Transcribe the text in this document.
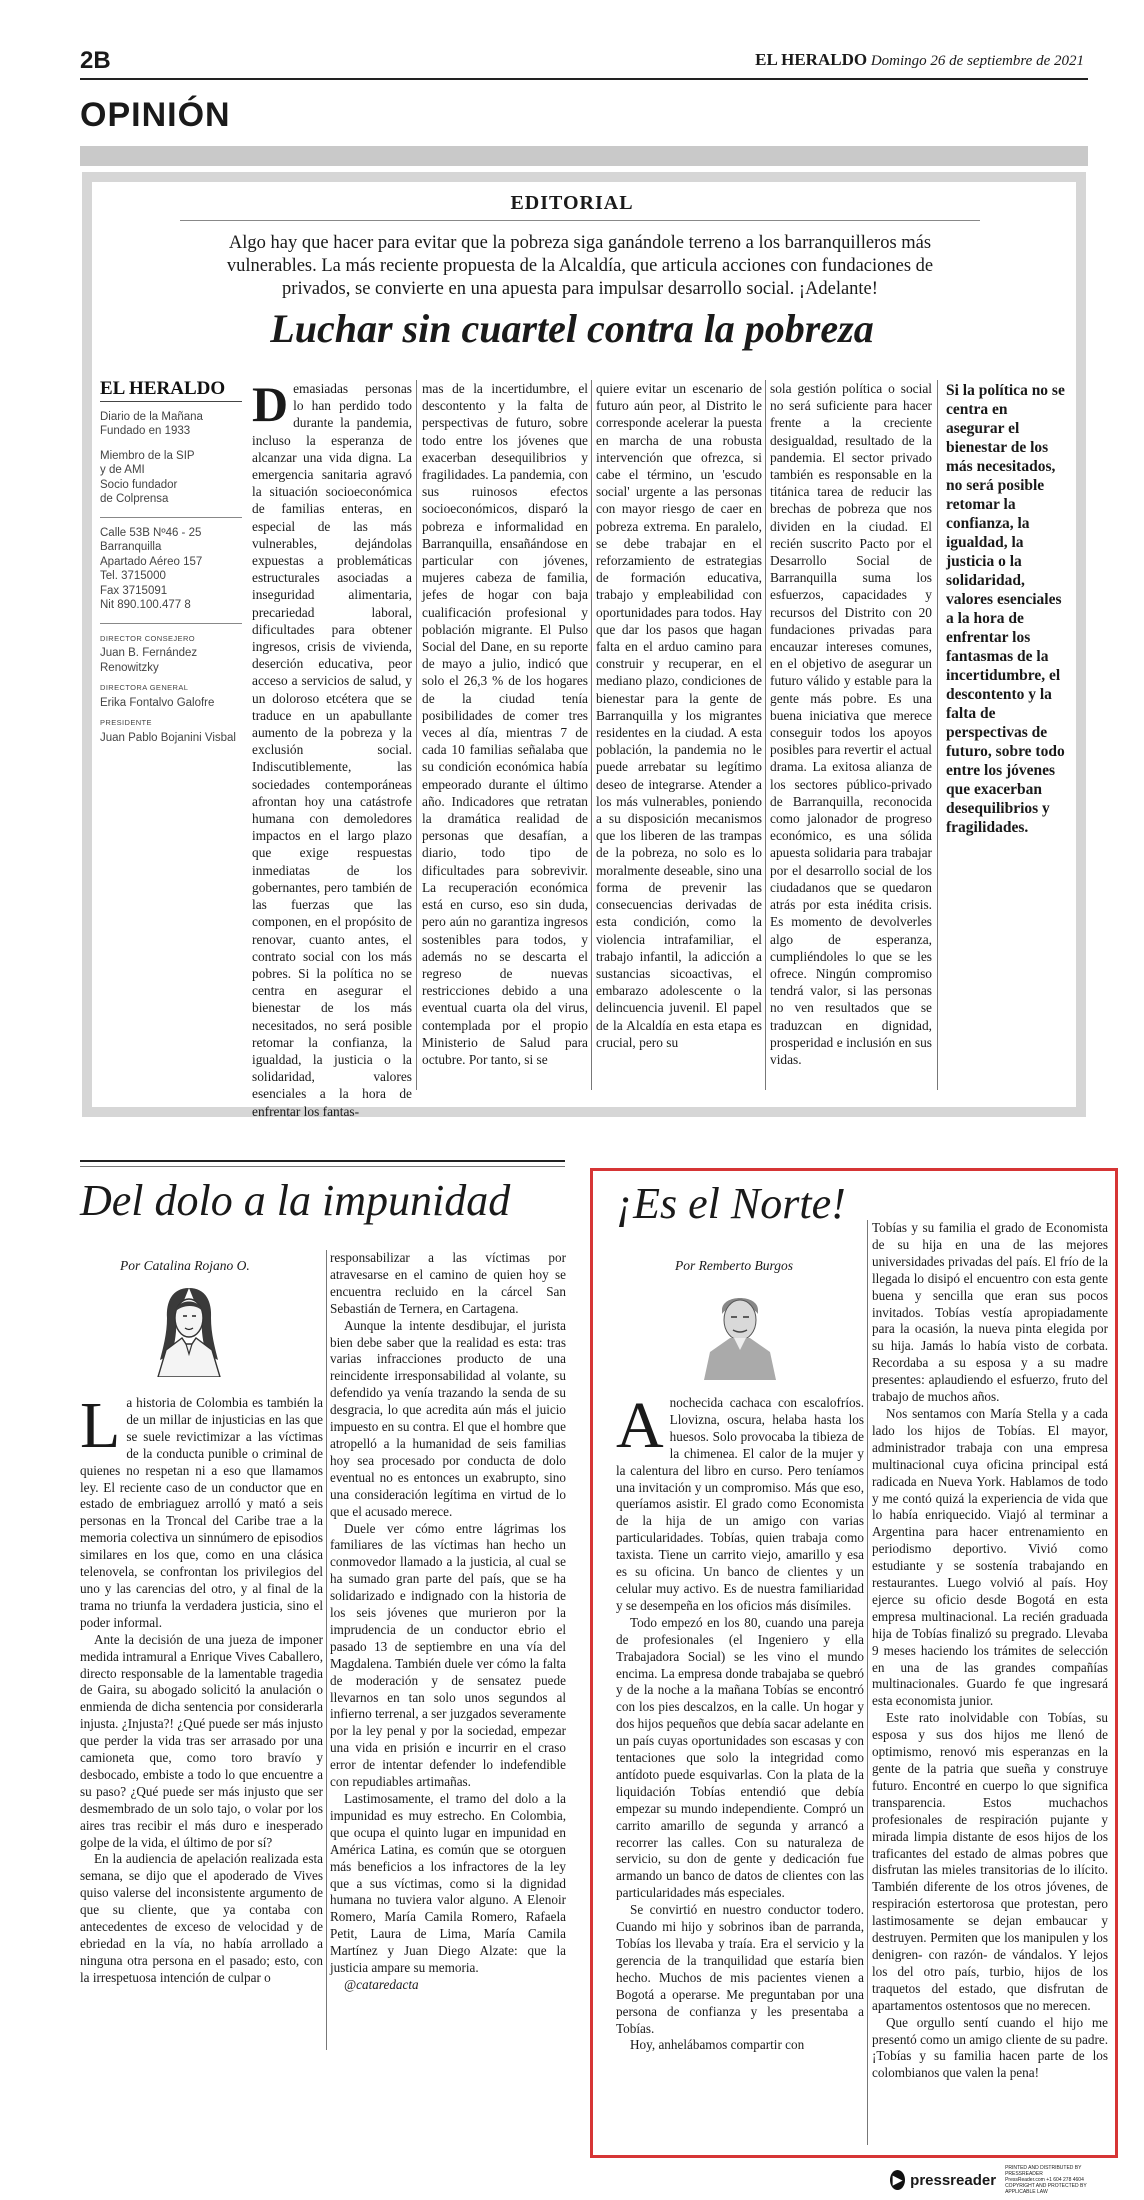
2B	EL HERALDO Domingo 26 de septiembre de 2021
OPINIÓN
EDITORIAL
Algo hay que hacer para evitar que la pobreza siga ganándole terreno a los barranquilleros más vulnerables. La más reciente propuesta de la Alcaldía, que articula acciones con fundaciones de privados, se convierte en una apuesta para impulsar desarrollo social. ¡Adelante!
Luchar sin cuartel contra la pobreza
EL HERALDO
Diario de la Mañana
Fundado en 1933
Miembro de la SIP
y de AMI
Socio fundador
de Colprensa
Calle 53B Nº46 - 25
Barranquilla
Apartado Aéreo 157
Tel. 3715000
Fax 3715091
Nit 890.100.477 8
DIRECTOR CONSEJERO
Juan B. Fernández Renowitzky
DIRECTORA GENERAL
Erika Fontalvo Galofre
PRESIDENTE
Juan Pablo Bojanini Visbal
Demasiadas personas lo han perdido todo durante la pandemia, incluso la esperanza de alcanzar una vida digna. La emergencia sanitaria agravó la situación socioeconómica de familias enteras, en especial de las más vulnerables, dejándolas expuestas a problemáticas estructurales asociadas a inseguridad alimentaria, precariedad laboral, dificultades para obtener ingresos, crisis de vivienda, deserción educativa, peor acceso a servicios de salud, y un doloroso etcétera que se traduce en un apabullante aumento de la pobreza y la exclusión social. Indiscutiblemente, las sociedades contemporáneas afrontan hoy una catástrofe humana con demoledores impactos en el largo plazo que exige respuestas inmediatas de los gobernantes, pero también de las fuerzas que las componen, en el propósito de renovar, cuanto antes, el contrato social con los más pobres. Si la política no se centra en asegurar el bienestar de los más necesitados, no será posible retomar la confianza, la igualdad, la justicia o la solidaridad, valores esenciales a la hora de enfrentar los fantas-
mas de la incertidumbre, el descontento y la falta de perspectivas de futuro, sobre todo entre los jóvenes que exacerban desequilibrios y fragilidades. La pandemia, con sus ruinosos efectos socioeconómicos, disparó la pobreza e informalidad en Barranquilla, ensañándose en particular con jóvenes, mujeres cabeza de familia, jefes de hogar con baja cualificación profesional y población migrante. El Pulso Social del Dane, en su reporte de mayo a julio, indicó que solo el 26,3 % de los hogares de la ciudad tenía posibilidades de comer tres veces al día, mientras 7 de cada 10 familias señalaba que su condición económica había empeorado durante el último año. Indicadores que retratan la dramática realidad de personas que desafían, a diario, todo tipo de dificultades para sobrevivir. La recuperación económica está en curso, eso sin duda, pero aún no garantiza ingresos sostenibles para todos, y además no se descarta el regreso de nuevas restricciones debido a una eventual cuarta ola del virus, contemplada por el propio Ministerio de Salud para octubre. Por tanto, si se
quiere evitar un escenario de futuro aún peor, al Distrito le corresponde acelerar la puesta en marcha de una robusta intervención que ofrezca, si cabe el término, un 'escudo social' urgente a las personas con mayor riesgo de caer en pobreza extrema. En paralelo, se debe trabajar en el reforzamiento de estrategias de formación educativa, trabajo y empleabilidad con oportunidades para todos. Hay que dar los pasos que hagan falta en el arduo camino para construir y recuperar, en el mediano plazo, condiciones de bienestar para la gente de Barranquilla y los migrantes residentes en la ciudad. A esta población, la pandemia no le puede arrebatar su legítimo deseo de integrarse. Atender a los más vulnerables, poniendo a su disposición mecanismos que los liberen de las trampas de la pobreza, no solo es lo moralmente deseable, sino una forma de prevenir las consecuencias derivadas de esta condición, como la violencia intrafamiliar, el trabajo infantil, la adicción a sustancias sicoactivas, el embarazo adolescente o la delincuencia juvenil. El papel de la Alcaldía en esta etapa es crucial, pero su
sola gestión política o social no será suficiente para hacer frente a la creciente desigualdad, resultado de la pandemia. El sector privado también es responsable en la titánica tarea de reducir las brechas de pobreza que nos dividen en la ciudad. El recién suscrito Pacto por el Desarrollo Social de Barranquilla suma los esfuerzos, capacidades y recursos del Distrito con 20 fundaciones privadas para encauzar intereses comunes, en el objetivo de asegurar un futuro válido y estable para la gente más pobre. Es una buena iniciativa que merece conseguir todos los apoyos posibles para revertir el actual drama. La exitosa alianza de los sectores público-privado de Barranquilla, reconocida como jalonador de progreso económico, es una sólida apuesta solidaria para trabajar por el desarrollo social de los ciudadanos que se quedaron atrás por esta inédita crisis. Es momento de devolverles algo de esperanza, cumpliéndoles lo que se les ofrece. Ningún compromiso tendrá valor, si las personas no ven resultados que se traduzcan en dignidad, prosperidad e inclusión en sus vidas.
Si la política no se centra en asegurar el bienestar de los más necesitados, no será posible retomar la confianza, la igualdad, la justicia o la solidaridad, valores esenciales a la hora de enfrentar los fantasmas de la incertidumbre, el descontento y la falta de perspectivas de futuro, sobre todo entre los jóvenes que exacerban desequilibrios y fragilidades.
Del dolo a la impunidad
Por Catalina Rojano O.

La historia de Colombia es también la de un millar de injusticias en las que se suele revictimizar a las víctimas de la conducta punible o criminal de quienes no respetan ni a eso que llamamos ley. El reciente caso de un conductor que en estado de embriaguez arrolló y mató a seis personas en la Troncal del Caribe trae a la memoria colectiva un sinnúmero de episodios similares en los que, como en una clásica telenovela, se confrontan los privilegios del uno y las carencias del otro, y al final de la trama no triunfa la verdadera justicia, sino el poder informal.

Ante la decisión de una jueza de imponer medida intramural a Enrique Vives Caballero, directo responsable de la lamentable tragedia de Gaira, su abogado solicitó la anulación o enmienda de dicha sentencia por considerarla injusta. ¿Injusta?! ¿Qué puede ser más injusto que perder la vida tras ser arrasado por una camioneta que, como toro bravío y desbocado, embiste a todo lo que encuentre a su paso? ¿Qué puede ser más injusto que ser desmembrado de un solo tajo, o volar por los aires tras recibir el más duro e inesperado golpe de la vida, el último de por sí?

En la audiencia de apelación realizada esta semana, se dijo que el apoderado de Vives quiso valerse del inconsistente argumento de que su cliente, que ya contaba con antecedentes de exceso de velocidad y de ebriedad en la vía, no había arrollado a ninguna otra persona en el pasado; esto, con la irrespetuosa intención de culpar o

responsabilizar a las víctimas por atravesarse en el camino de quien hoy se encuentra recluido en la cárcel San Sebastián de Ternera, en Cartagena.

Aunque la intente desdibujar, el jurista bien debe saber que la realidad es esta: tras varias infracciones producto de una reincidente irresponsabilidad al volante, su defendido ya venía trazando la senda de su desgracia, lo que acredita aún más el juicio impuesto en su contra. El que el hombre que atropelló a la humanidad de seis familias hoy sea procesado por conducta de dolo eventual no es entonces un exabrupto, sino una consideración legítima en virtud de lo que el acusado merece.

Duele ver cómo entre lágrimas los familiares de las víctimas han hecho un conmovedor llamado a la justicia, al cual se ha sumado gran parte del país, que se ha solidarizado e indignado con la historia de los seis jóvenes que murieron por la imprudencia de un conductor ebrio el pasado 13 de septiembre en una vía del Magdalena. También duele ver cómo la falta de moderación y de sensatez puede llevarnos en tan solo unos segundos al infierno terrenal, a ser juzgados severamente por la ley penal y por la sociedad, empezar una vida en prisión e incurrir en el craso error de intentar defender lo indefendible con repudiables artimañas.

Lastimosamente, el tramo del dolo a la impunidad es muy estrecho. En Colombia, que ocupa el quinto lugar en impunidad en América Latina, es común que se otorguen más beneficios a los infractores de la ley que a sus víctimas, como si la dignidad humana no tuviera valor alguno. A Elenoir Romero, María Camila Romero, Rafaela Petit, Laura de Lima, María Camila Martínez y Juan Diego Alzate: que la justicia ampare su memoria.

@cataredacta

¡Es el Norte!
Por Remberto Burgos

Anochecida cachaca con escalofríos. Llovizna, oscura, helaba hasta los huesos. Solo provocaba la tibieza de la chimenea. El calor de la mujer y la calentura del libro en curso. Pero teníamos una invitación y un compromiso. Más que eso, queríamos asistir. El grado como Economista de la hija de un amigo con varias particularidades. Tobías, quien trabaja como taxista. Tiene un carrito viejo, amarillo y esa es su oficina. Un banco de clientes y un celular muy activo. Es de nuestra familiaridad y se desempeña en los oficios más disímiles.

Todo empezó en los 80, cuando una pareja de profesionales (el Ingeniero y ella Trabajadora Social) se les vino el mundo encima. La empresa donde trabajaba se quebró y de la noche a la mañana Tobías se encontró con los pies descalzos, en la calle. Un hogar y dos hijos pequeños que debía sacar adelante en un país cuyas oportunidades son escasas y con tentaciones que solo la integridad como antídoto puede esquivarlas. Con la plata de la liquidación Tobías entendió que debía empezar su mundo independiente. Compró un carrito amarillo de segunda y arrancó a recorrer las calles. Con su naturaleza de servicio, su don de gente y dedicación fue armando un banco de datos de clientes con las particularidades más especiales.

Se convirtió en nuestro conductor todero. Cuando mi hijo y sobrinos iban de parranda, Tobías los llevaba y traía. Era el servicio y la gerencia de la tranquilidad que estaría bien hecho. Muchos de mis pacientes vienen a Bogotá a operarse. Me preguntaban por una persona de confianza y les presentaba a Tobías.

Hoy, anhelábamos compartir con

Tobías y su familia el grado de Economista de su hija en una de las mejores universidades privadas del país. El frío de la llegada lo disipó el encuentro con esta gente buena y sencilla que eran sus pocos invitados. Tobías vestía apropiadamente para la ocasión, la nueva pinta elegida por su hija. Jamás lo había visto de corbata. Recordaba a su esposa y a su madre presentes: aplaudiendo el esfuerzo, fruto del trabajo de muchos años.

Nos sentamos con María Stella y a cada lado los hijos de Tobías. El mayor, administrador trabaja con una empresa multinacional cuya oficina principal está radicada en Nueva York. Hablamos de todo y me contó quizá la experiencia de vida que lo había enriquecido. Viajó al terminar a Argentina para hacer entrenamiento en periodismo deportivo. Vivió como estudiante y se sostenía trabajando en restaurantes. Luego volvió al país. Hoy ejerce su oficio desde Bogotá en esta empresa multinacional. La recién graduada hija de Tobías finalizó su pregrado. Llevaba 9 meses haciendo los trámites de selección en una de las grandes compañías multinacionales. Guardo fe que ingresará esta economista junior.

Este rato inolvidable con Tobías, su esposa y sus dos hijos me llenó de optimismo, renovó mis esperanzas en la gente de la patria que sueña y construye futuro. Encontré en cuerpo lo que significa transparencia. Estos muchachos profesionales de respiración pujante y mirada limpia distante de esos hijos de los traficantes del estado de almas pobres que disfrutan las mieles transitorias de lo ilícito. También diferente de los otros jóvenes, de respiración estertorosa que protestan, pero lastimosamente se dejan embaucar y destruyen. Permiten que los manipulen y los denigren- con razón- de vándalos. Y lejos los del otro país, turbio, hijos de los traquetos del estado, que disfrutan de apartamentos ostentosos que no merecen.

Que orgullo sentí cuando el hijo me presentó como un amigo cliente de su padre. ¡Tobías y su familia hacen parte de los colombianos que valen la pena!

▶ pressreader
PRINTED AND DISTRIBUTED BY PRESSREADER
PressReader.com +1 604 278 4604
COPYRIGHT AND PROTECTED BY APPLICABLE LAW
